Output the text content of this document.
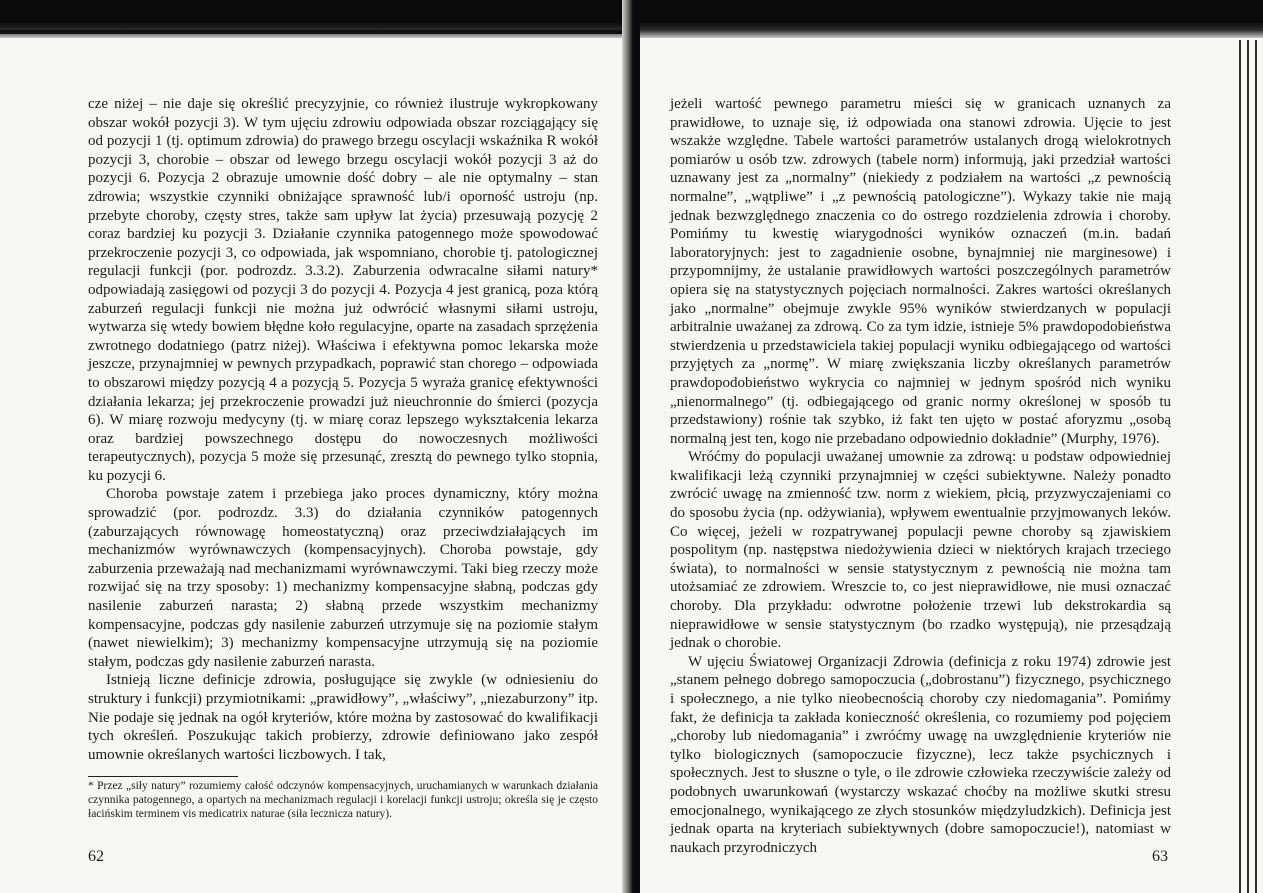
cze niżej – nie daje się określić precyzyjnie, co również ilustruje wykropkowany obszar wokół pozycji 3). W tym ujęciu zdrowiu odpowiada obszar rozciągający się od pozycji 1 (tj. optimum zdrowia) do prawego brzegu oscylacji wskaźnika R wokół pozycji 3, chorobie – obszar od lewego brzegu oscylacji wokół pozycji 3 aż do pozycji 6. Pozycja 2 obrazuje umownie dość dobry – ale nie optymalny – stan zdrowia; wszystkie czynniki obniżające sprawność lub/i oporność ustroju (np. przebyte choroby, częsty stres, także sam upływ lat życia) przesuwają pozycję 2 coraz bardziej ku pozycji 3. Działanie czynnika patogennego może spowodować przekroczenie pozycji 3, co odpowiada, jak wspomniano, chorobie tj. patologicznej regulacji funkcji (por. podrozdz. 3.3.2). Zaburzenia odwracalne siłami natury* odpowiadają zasięgowi od pozycji 3 do pozycji 4. Pozycja 4 jest granicą, poza którą zaburzeń regulacji funkcji nie można już odwrócić własnymi siłami ustroju, wytwarza się wtedy bowiem błędne koło regulacyjne, oparte na zasadach sprzężenia zwrotnego dodatniego (patrz niżej). Właściwa i efektywna pomoc lekarska może jeszcze, przynajmniej w pewnych przypadkach, poprawić stan chorego – odpowiada to obszarowi między pozycją 4 a pozycją 5. Pozycja 5 wyraża granicę efektywności działania lekarza; jej przekroczenie prowadzi już nieuchronnie do śmierci (pozycja 6). W miarę rozwoju medycyny (tj. w miarę coraz lepszego wykształcenia lekarza oraz bardziej powszechnego dostępu do nowoczesnych możliwości terapeutycznych), pozycja 5 może się przesunąć, zresztą do pewnego tylko stopnia, ku pozycji 6.

Choroba powstaje zatem i przebiega jako proces dynamiczny, który można sprowadzić (por. podrozdz. 3.3) do działania czynników patogennych (zaburzających równowagę homeostatyczną) oraz przeciwdziałających im mechanizmów wyrównawczych (kompensacyjnych). Choroba powstaje, gdy zaburzenia przeważają nad mechanizmami wyrównawczymi. Taki bieg rzeczy może rozwijać się na trzy sposoby: 1) mechanizmy kompensacyjne słabną, podczas gdy nasilenie zaburzeń narasta; 2) słabną przede wszystkim mechanizmy kompensacyjne, podczas gdy nasilenie zaburzeń utrzymuje się na poziomie stałym (nawet niewielkim); 3) mechanizmy kompensacyjne utrzymują się na poziomie stałym, podczas gdy nasilenie zaburzeń narasta.

Istnieją liczne definicje zdrowia, posługujące się zwykle (w odniesieniu do struktury i funkcji) przymiotnikami: „prawidłowy”, „właściwy”, „niezaburzony” itp. Nie podaje się jednak na ogół kryteriów, które można by zastosować do kwalifikacji tych określeń. Poszukując takich probierzy, zdrowie definiowano jako zespół umownie określanych wartości liczbowych. I tak,

* Przez „siły natury” rozumiemy całość odczynów kompensacyjnych, uruchamianych w warunkach działania czynnika patogennego, a opartych na mechanizmach regulacji i korelacji funkcji ustroju; określa się je często łacińskim terminem vis medicatrix naturae (siła lecznicza natury).
62

jeżeli wartość pewnego parametru mieści się w granicach uznanych za prawidłowe, to uznaje się, iż odpowiada ona stanowi zdrowia. Ujęcie to jest wszakże względne. Tabele wartości parametrów ustalanych drogą wielokrotnych pomiarów u osób tzw. zdrowych (tabele norm) informują, jaki przedział wartości uznawany jest za „normalny” (niekiedy z podziałem na wartości „z pewnością normalne”, „wątpliwe” i „z pewnością patologiczne”). Wykazy takie nie mają jednak bezwzględnego znaczenia co do ostrego rozdzielenia zdrowia i choroby. Pomińmy tu kwestię wiarygodności wyników oznaczeń (m.in. badań laboratoryjnych: jest to zagadnienie osobne, bynajmniej nie marginesowe) i przypomnijmy, że ustalanie prawidłowych wartości poszczególnych parametrów opiera się na statystycznych pojęciach normalności. Zakres wartości określanych jako „normalne” obejmuje zwykle 95% wyników stwierdzanych w populacji arbitralnie uważanej za zdrową. Co za tym idzie, istnieje 5% prawdopodobieństwa stwierdzenia u przedstawiciela takiej populacji wyniku odbiegającego od wartości przyjętych za „normę”. W miarę zwiększania liczby określanych parametrów prawdopodobieństwo wykrycia co najmniej w jednym spośród nich wyniku „nienormalnego” (tj. odbiegającego od granic normy określonej w sposób tu przedstawiony) rośnie tak szybko, iż fakt ten ujęto w postać aforyzmu „osobą normalną jest ten, kogo nie przebadano odpowiednio dokładnie” (Murphy, 1976).

Wróćmy do populacji uważanej umownie za zdrową: u podstaw odpowiedniej kwalifikacji leżą czynniki przynajmniej w części subiektywne. Należy ponadto zwrócić uwagę na zmienność tzw. norm z wiekiem, płcią, przyzwyczajeniami co do sposobu życia (np. odżywiania), wpływem ewentualnie przyjmowanych leków. Co więcej, jeżeli w rozpatrywanej populacji pewne choroby są zjawiskiem pospolitym (np. następstwa niedożywienia dzieci w niektórych krajach trzeciego świata), to normalności w sensie statystycznym z pewnością nie można tam utożsamiać ze zdrowiem. Wreszcie to, co jest nieprawidłowe, nie musi oznaczać choroby. Dla przykładu: odwrotne położenie trzewi lub dekstrokardia są nieprawidłowe w sensie statystycznym (bo rzadko występują), nie przesądzają jednak o chorobie.

W ujęciu Światowej Organizacji Zdrowia (definicja z roku 1974) zdrowie jest „stanem pełnego dobrego samopoczucia („dobrostanu”) fizycznego, psychicznego i społecznego, a nie tylko nieobecnością choroby czy niedomagania”. Pomińmy fakt, że definicja ta zakłada konieczność określenia, co rozumiemy pod pojęciem „choroby lub niedomagania” i zwróćmy uwagę na uwzględnienie kryteriów nie tylko biologicznych (samopoczucie fizyczne), lecz także psychicznych i społecznych. Jest to słuszne o tyle, o ile zdrowie człowieka rzeczywiście zależy od podobnych uwarunkowań (wystarczy wskazać choćby na możliwe skutki stresu emocjonalnego, wynikającego ze złych stosunków międzyludzkich). Definicja jest jednak oparta na kryteriach subiektywnych (dobre samopoczucie!), natomiast w naukach przyrodniczych

63
